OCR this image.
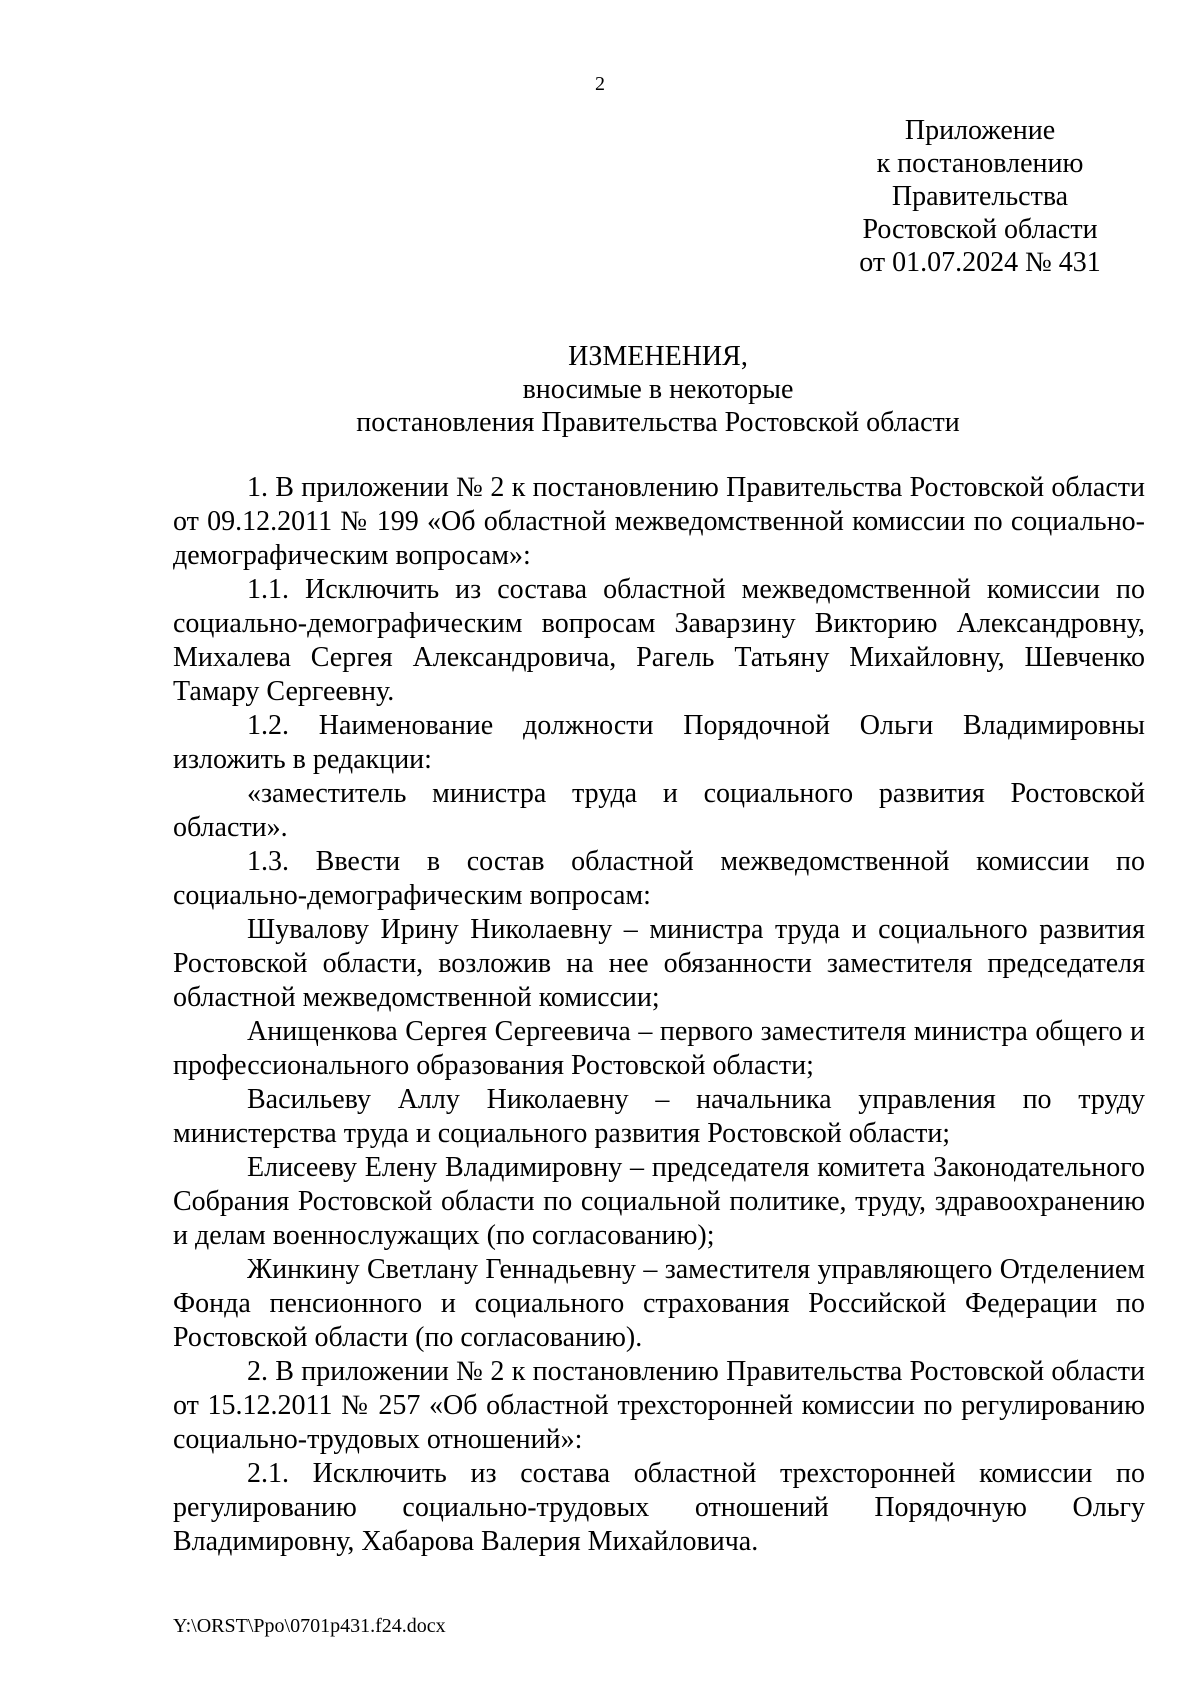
2
Приложение
к постановлению
Правительства
Ростовской области
от 01.07.2024 № 431
ИЗМЕНЕНИЯ,
вносимые в некоторые
постановления Правительства Ростовской области

1. В приложении № 2 к постановлению Правительства Ростовской области от 09.12.2011 № 199 «Об областной межведомственной комиссии по социально-демографическим вопросам»:

1.1. Исключить из состава областной межведомственной комиссии по социально-демографическим вопросам Заварзину Викторию Александровну, Михалева Сергея Александровича, Рагель Татьяну Михайловну, Шевченко Тамару Сергеевну.

1.2. Наименование должности Порядочной Ольги Владимировны изложить в редакции:

«заместитель министра труда и социального развития Ростовской области».

1.3. Ввести в состав областной межведомственной комиссии по социально-демографическим вопросам:

Шувалову Ирину Николаевну – министра труда и социального развития Ростовской области, возложив на нее обязанности заместителя председателя областной межведомственной комиссии;

Анищенкова Сергея Сергеевича – первого заместителя министра общего и профессионального образования Ростовской области;

Васильеву Аллу Николаевну – начальника управления по труду министерства труда и социального развития Ростовской области;

Елисееву Елену Владимировну – председателя комитета Законодательного Собрания Ростовской области по социальной политике, труду, здравоохранению и делам военнослужащих (по согласованию);

Жинкину Светлану Геннадьевну – заместителя управляющего Отделением Фонда пенсионного и социального страхования Российской Федерации по Ростовской области (по согласованию).

2. В приложении № 2 к постановлению Правительства Ростовской области от 15.12.2011 № 257 «Об областной трехсторонней комиссии по регулированию социально-трудовых отношений»:

2.1. Исключить из состава областной трехсторонней комиссии по регулированию социально-трудовых отношений Порядочную Ольгу Владимировну, Хабарова Валерия Михайловича.

Y:\ORST\Ppo\0701p431.f24.docx
